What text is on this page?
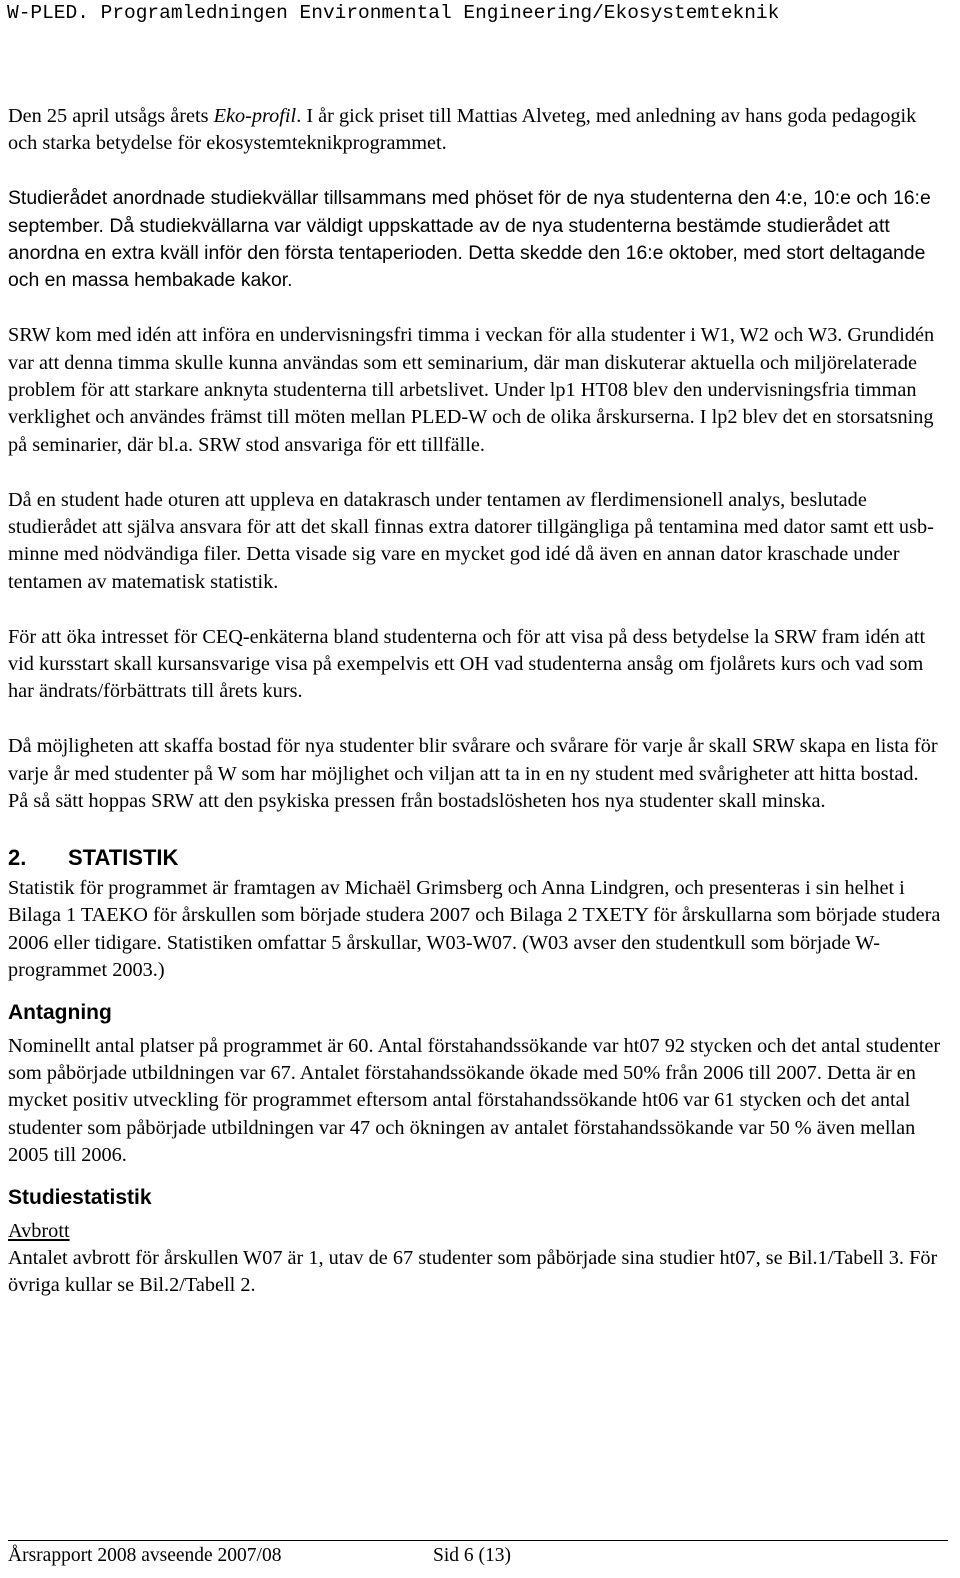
W-PLED. Programledningen Environmental Engineering/Ekosystemteknik

Den 25 april utsågs årets Eko-profil. I år gick priset till Mattias Alveteg, med anledning av hans goda pedagogik och starka betydelse för ekosystemteknikprogrammet.

Studierådet anordnade studiekvällar tillsammans med phöset för de nya studenterna den 4:e, 10:e och 16:e september. Då studiekvällarna var väldigt uppskattade av de nya studenterna bestämde studierådet att anordna en extra kväll inför den första tentaperioden. Detta skedde den 16:e oktober, med stort deltagande och en massa hembakade kakor.

SRW kom med idén att införa en undervisningsfri timma i veckan för alla studenter i W1, W2 och W3. Grundidén var att denna timma skulle kunna användas som ett seminarium, där man diskuterar aktuella och miljörelaterade problem för att starkare anknyta studenterna till arbetslivet. Under lp1 HT08 blev den undervisningsfria timman verklighet och användes främst till möten mellan PLED-W och de olika årskurserna. I lp2 blev det en storsatsning på seminarier, där bl.a. SRW stod ansvariga för ett tillfälle.

Då en student hade oturen att uppleva en datakrasch under tentamen av flerdimensionell analys, beslutade studierådet att själva ansvara för att det skall finnas extra datorer tillgängliga på tentamina med dator samt ett usb-minne med nödvändiga filer. Detta visade sig vare en mycket god idé då även en annan dator kraschade under tentamen av matematisk statistik.

För att öka intresset för CEQ-enkäterna bland studenterna och för att visa på dess betydelse la SRW fram idén att vid kursstart skall kursansvarige visa på exempelvis ett OH vad studenterna ansåg om fjolårets kurs och vad som har ändrats/förbättrats till årets kurs.

Då möjligheten att skaffa bostad för nya studenter blir svårare och svårare för varje år skall SRW skapa en lista för varje år med studenter på W som har möjlighet och viljan att ta in en ny student med svårigheter att hitta bostad. På så sätt hoppas SRW att den psykiska pressen från bostadslösheten hos nya studenter skall minska.

2. STATISTIK

Statistik för programmet är framtagen av Michaël Grimsberg och Anna Lindgren, och presenteras i sin helhet i Bilaga 1 TAEKO för årskullen som började studera 2007 och Bilaga 2 TXETY för årskullarna som började studera 2006 eller tidigare. Statistiken omfattar 5 årskullar, W03-W07. (W03 avser den studentkull som började W-programmet 2003.)

Antagning

Nominellt antal platser på programmet är 60. Antal förstahandssökande var ht07 92 stycken och det antal studenter som påbörjade utbildningen var 67. Antalet förstahandssökande ökade med 50% från 2006 till 2007. Detta är en mycket positiv utveckling för programmet eftersom antal förstahandssökande ht06 var 61 stycken och det antal studenter som påbörjade utbildningen var 47 och ökningen av antalet förstahandssökande var 50 % även mellan 2005 till 2006.

Studiestatistik
Avbrott

Antalet avbrott för årskullen W07 är 1, utav de 67 studenter som påbörjade sina studier ht07, se Bil.1/Tabell 3. För övriga kullar se Bil.2/Tabell 2.

Årsrapport 2008 avseende 2007/08	Sid 6 (13)
